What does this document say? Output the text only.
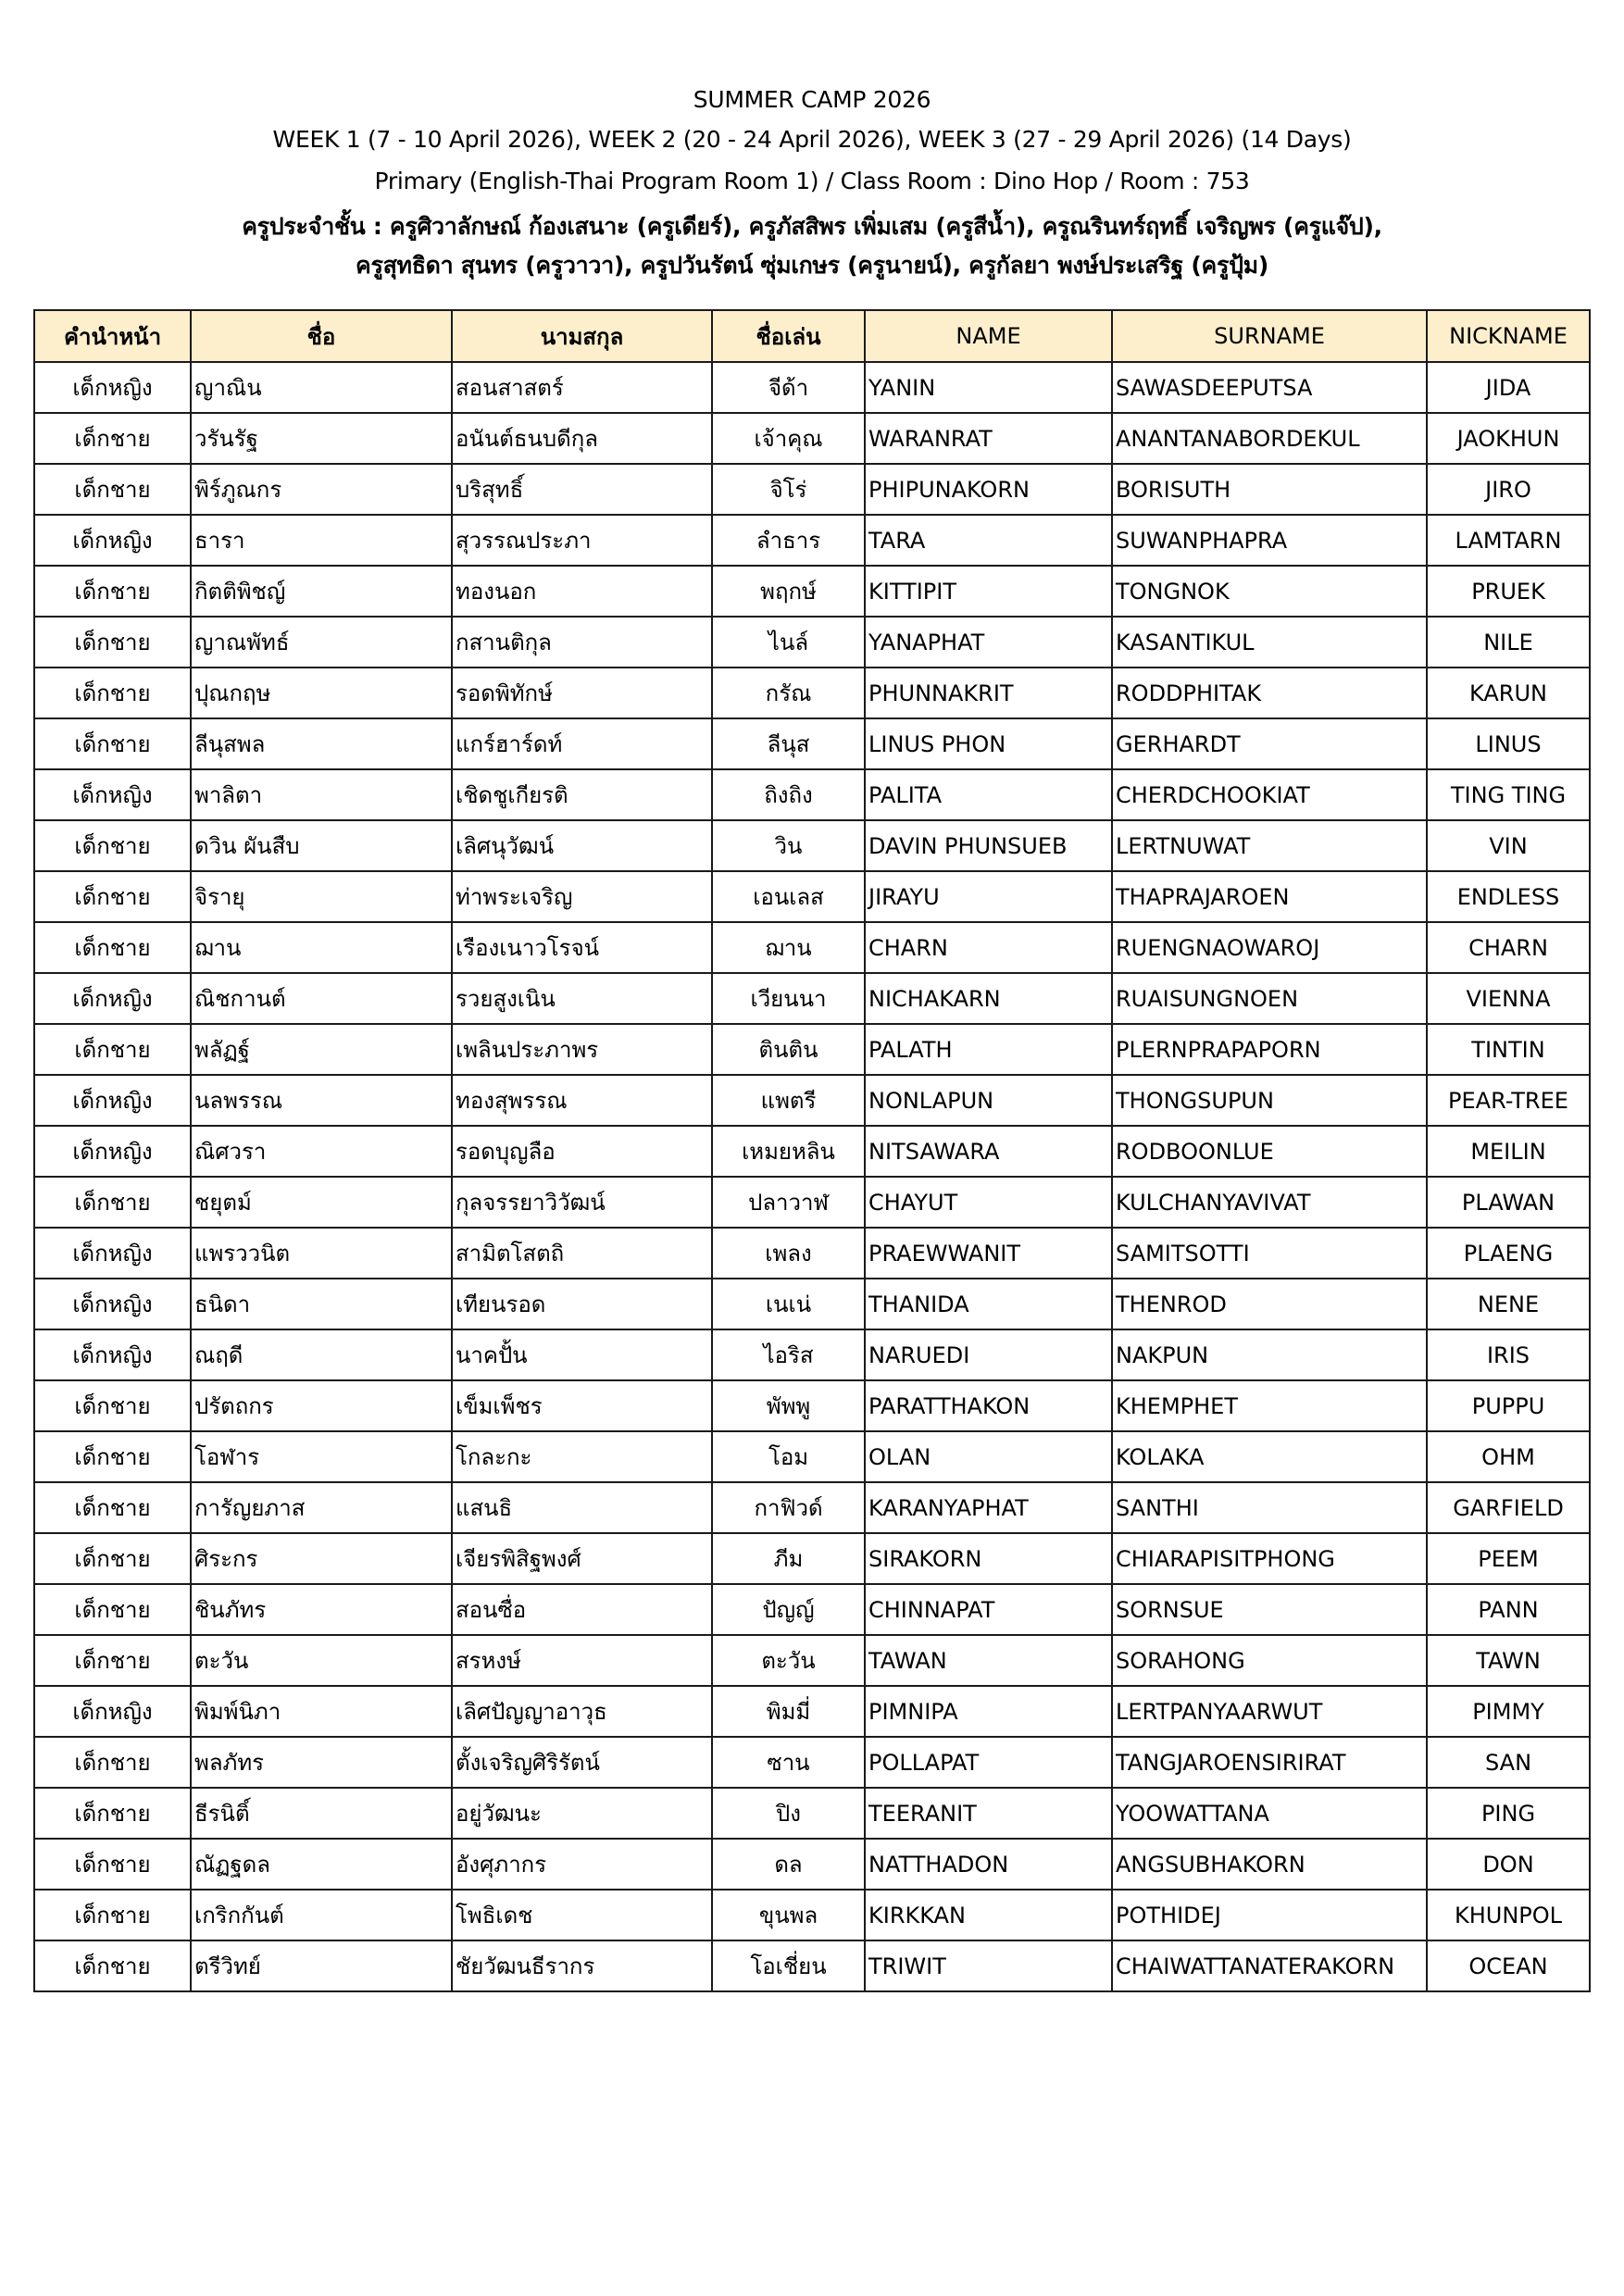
SUMMER CAMP 2026
WEEK 1 (7 - 10 April 2026), WEEK 2 (20 - 24 April 2026), WEEK 3 (27 - 29 April 2026) (14 Days)
Primary (English-Thai Program Room 1) / Class Room : Dino Hop / Room : 753
ครูประจำชั้น : ครูศิวาลักษณ์ ก้องเสนาะ (ครูเดียร์), ครูภัสสิพร เพิ่มเสม (ครูสีน้ำ), ครูณรินทร์ฤทธิ์ เจริญพร (ครูแจ๊ป),
ครูสุทธิดา สุนทร (ครูวาวา), ครูปวันรัตน์ ซุ่มเกษร (ครูนายน์), ครูกัลยา พงษ์ประเสริฐ (ครูปุ้ม)
คำนำหน้า	ชื่อ	นามสกุล	ชื่อเล่น	NAME	SURNAME	NICKNAME
เด็กหญิง	ญาณิน	สอนสาสตร์	จีด้า	YANIN	SAWASDEEPUTSA	JIDA
เด็กชาย	วรันรัฐ	อนันต์ธนบดีกุล	เจ้าคุณ	WARANRAT	ANANTANABORDEKUL	JAOKHUN
เด็กชาย	พิร์ภูณกร	บริสุทธิ์	จิโร่	PHIPUNAKORN	BORISUTH	JIRO
เด็กหญิง	ธารา	สุวรรณประภา	ลำธาร	TARA	SUWANPHAPRA	LAMTARN
เด็กชาย	กิตติพิชญ์	ทองนอก	พฤกษ์	KITTIPIT	TONGNOK	PRUEK
เด็กชาย	ญาณพัทธ์	กสานติกุล	ไนล์	YANAPHAT	KASANTIKUL	NILE
เด็กชาย	ปุณกฤษ	รอดพิทักษ์	กรัณ	PHUNNAKRIT	RODDPHITAK	KARUN
เด็กชาย	ลีนุสพล	แกร์ฮาร์ดท์	ลีนุส	LINUS PHON	GERHARDT	LINUS
เด็กหญิง	พาลิตา	เชิดชูเกียรติ	ถิงถิง	PALITA	CHERDCHOOKIAT	TING TING
เด็กชาย	ดวิน ผันสืบ	เลิศนุวัฒน์	วิน	DAVIN PHUNSUEB	LERTNUWAT	VIN
เด็กชาย	จิรายุ	ท่าพระเจริญ	เอนเลส	JIRAYU	THAPRAJAROEN	ENDLESS
เด็กชาย	ฌาน	เรืองเนาวโรจน์	ฌาน	CHARN	RUENGNAOWAROJ	CHARN
เด็กหญิง	ณิชกานต์	รวยสูงเนิน	เวียนนา	NICHAKARN	RUAISUNGNOEN	VIENNA
เด็กชาย	พลัฏฐ์	เพลินประภาพร	ตินติน	PALATH	PLERNPRAPAPORN	TINTIN
เด็กหญิง	นลพรรณ	ทองสุพรรณ	แพตรี	NONLAPUN	THONGSUPUN	PEAR-TREE
เด็กหญิง	ณิศวรา	รอดบุญลือ	เหมยหลิน	NITSAWARA	RODBOONLUE	MEILIN
เด็กชาย	ชยุตม์	กุลจรรยาวิวัฒน์	ปลาวาฬ	CHAYUT	KULCHANYAVIVAT	PLAWAN
เด็กหญิง	แพรววนิต	สามิตโสตถิ	เพลง	PRAEWWANIT	SAMITSOTTI	PLAENG
เด็กหญิง	ธนิดา	เทียนรอด	เนเน่	THANIDA	THENROD	NENE
เด็กหญิง	ณฤดี	นาคปั้น	ไอริส	NARUEDI	NAKPUN	IRIS
เด็กชาย	ปรัตถกร	เข็มเพ็ชร	พัพพู	PARATTHAKON	KHEMPHET	PUPPU
เด็กชาย	โอฬาร	โกละกะ	โอม	OLAN	KOLAKA	OHM
เด็กชาย	การัญยภาส	แสนธิ	กาฟิวด์	KARANYAPHAT	SANTHI	GARFIELD
เด็กชาย	ศิระกร	เจียรพิสิฐพงศ์	ภีม	SIRAKORN	CHIARAPISITPHONG	PEEM
เด็กชาย	ชินภัทร	สอนซื่อ	ปัญญ์	CHINNAPAT	SORNSUE	PANN
เด็กชาย	ตะวัน	สรหงษ์	ตะวัน	TAWAN	SORAHONG	TAWN
เด็กหญิง	พิมพ์นิภา	เลิศปัญญาอาวุธ	พิมมี่	PIMNIPA	LERTPANYAARWUT	PIMMY
เด็กชาย	พลภัทร	ตั้งเจริญศิริรัตน์	ซาน	POLLAPAT	TANGJAROENSIRIRAT	SAN
เด็กชาย	ธีรนิติ์	อยู่วัฒนะ	ปิง	TEERANIT	YOOWATTANA	PING
เด็กชาย	ณัฏฐดล	อังศุภากร	ดล	NATTHADON	ANGSUBHAKORN	DON
เด็กชาย	เกริกกันต์	โพธิเดช	ขุนพล	KIRKKAN	POTHIDEJ	KHUNPOL
เด็กชาย	ตรีวิทย์	ชัยวัฒนธีรากร	โอเชี่ยน	TRIWIT	CHAIWATTANATERAKORN	OCEAN
